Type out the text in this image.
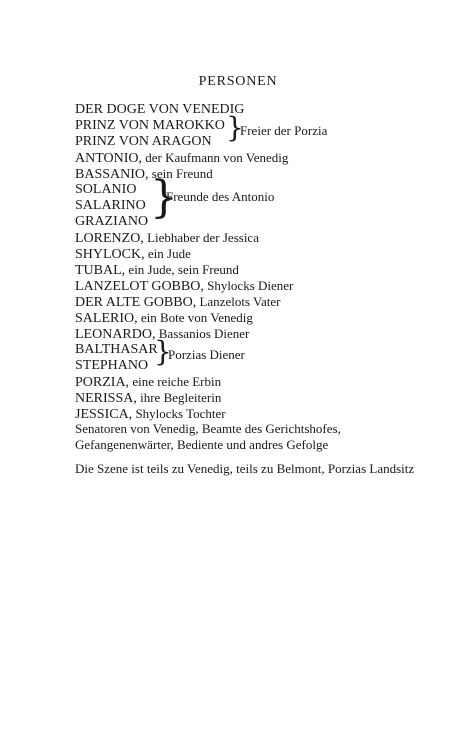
PERSONEN
DER DOGE VON VENEDIG
PRINZ VON MAROKKO
PRINZ VON ARAGON }
Freier der Porzia
ANTONIO, der Kaufmann von Venedig
BASSANIO, sein Freund
SOLANIO
SALARINO
GRAZIANO }
Freunde des Antonio
LORENZO, Liebhaber der Jessica
SHYLOCK, ein Jude
TUBAL, ein Jude, sein Freund
LANZELOT GOBBO, Shylocks Diener
DER ALTE GOBBO, Lanzelots Vater
SALERIO, ein Bote von Venedig
LEONARDO, Bassanios Diener
BALTHASAR
STEPHANO }
Porzias Diener
PORZIA, eine reiche Erbin
NERISSA, ihre Begleiterin
JESSICA, Shylocks Tochter
Senatoren von Venedig, Beamte des Gerichtshofes,
Gefangenenwärter, Bediente und andres Gefolge
Die Szene ist teils zu Venedig, teils zu Belmont, Porzias Landsitz
